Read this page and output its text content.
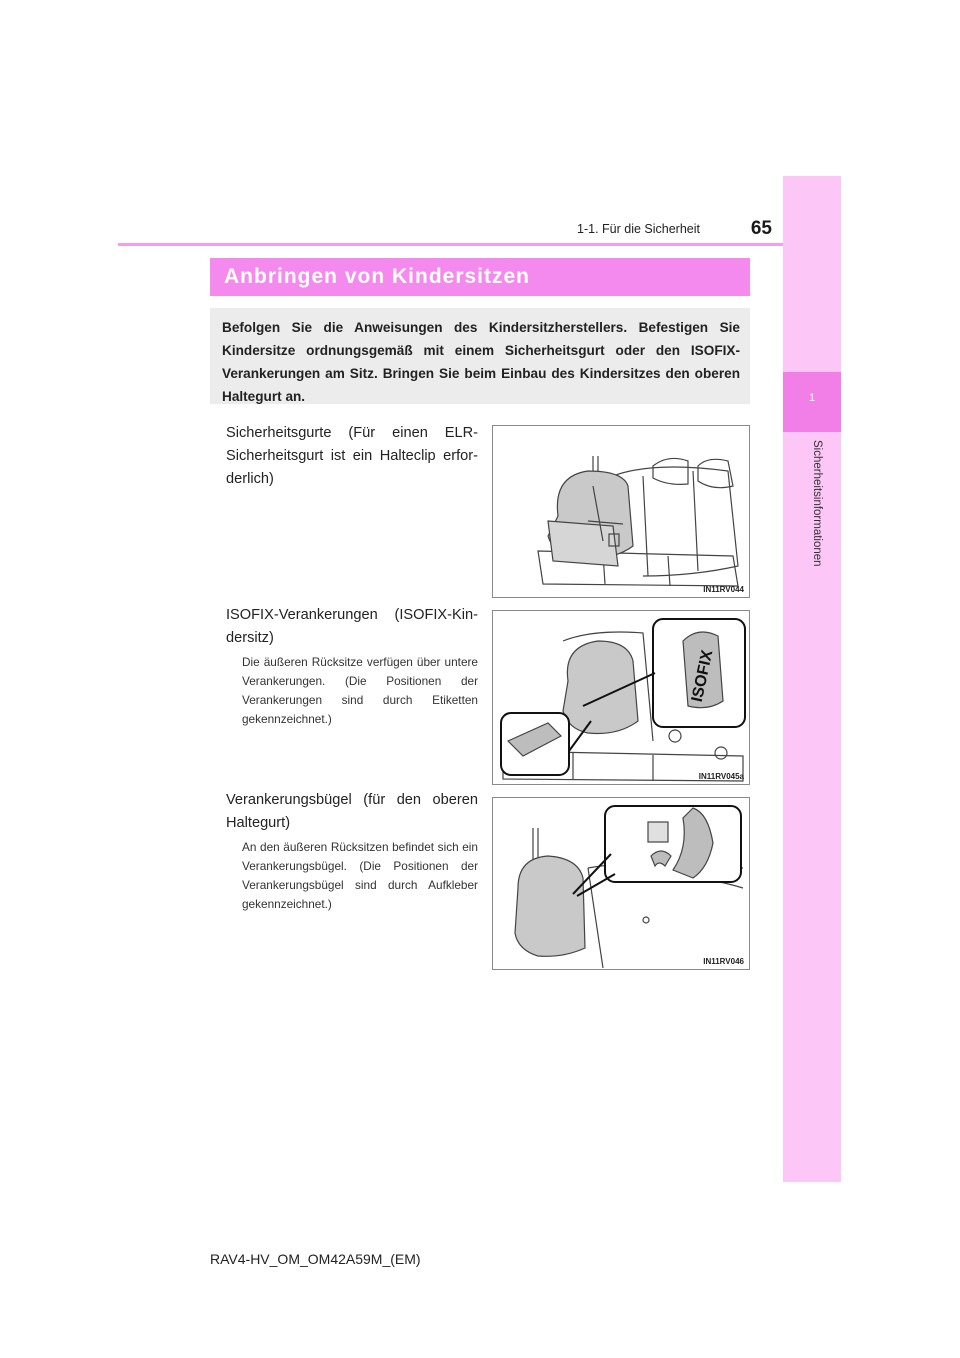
1
Sicherheitsinformationen
1-1. Für die Sicherheit	65
Anbringen von Kindersitzen
Befolgen Sie die Anweisungen des Kindersitzherstellers. Befestigen Sie Kindersitze ordnungsgemäß mit einem Sicherheitsgurt oder den ISOFIX-Verankerungen am Sitz. Bringen Sie beim Einbau des Kindersitzes den oberen Haltegurt an.
Sicherheitsgurte (Für einen ELR-Sicherheitsgurt ist ein Halteclip erforderlich)
IN11RV044
ISOFIX-Verankerungen (ISOFIX-Kindersitz)
Die äußeren Rücksitze verfügen über untere Verankerungen. (Die Positionen der Verankerungen sind durch Etiketten gekennzeichnet.)
ISOFIX
IN11RV045a
Verankerungsbügel (für den oberen Haltegurt)
An den äußeren Rücksitzen befindet sich ein Verankerungsbügel. (Die Positionen der Verankerungsbügel sind durch Aufkleber gekennzeichnet.)
IN11RV046
RAV4-HV_OM_OM42A59M_(EM)
